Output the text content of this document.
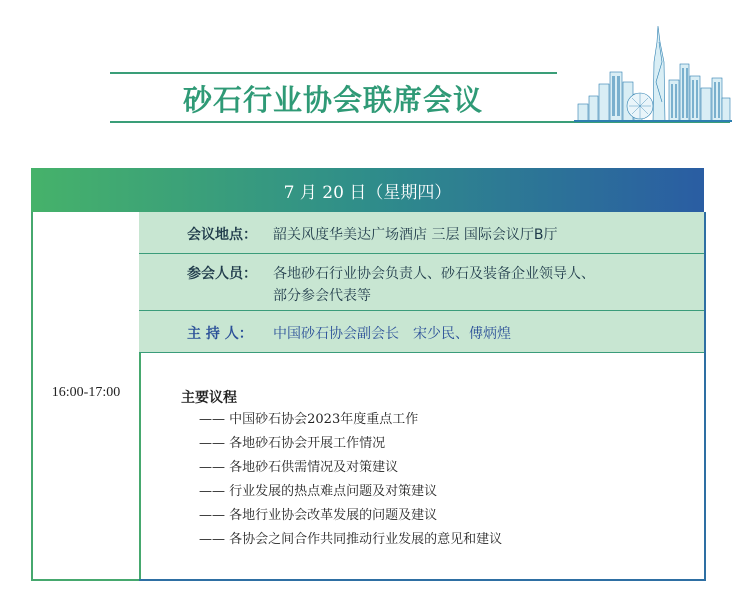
砂石行业协会联席会议
7 月 20 日（星期四）
16:00-17:00
会议地点： 韶关风度华美达广场酒店 三层 国际会议厅B厅
参会人员： 各地砂石行业协会负责人、砂石及装备企业领导人、
部分参会代表等
主 持 人： 中国砂石协会副会长　宋少民、傅炳煌
主要议程
—— 中国砂石协会2023年度重点工作
—— 各地砂石协会开展工作情况
—— 各地砂石供需情况及对策建议
—— 行业发展的热点难点问题及对策建议
—— 各地行业协会改革发展的问题及建议
—— 各协会之间合作共同推动行业发展的意见和建议
